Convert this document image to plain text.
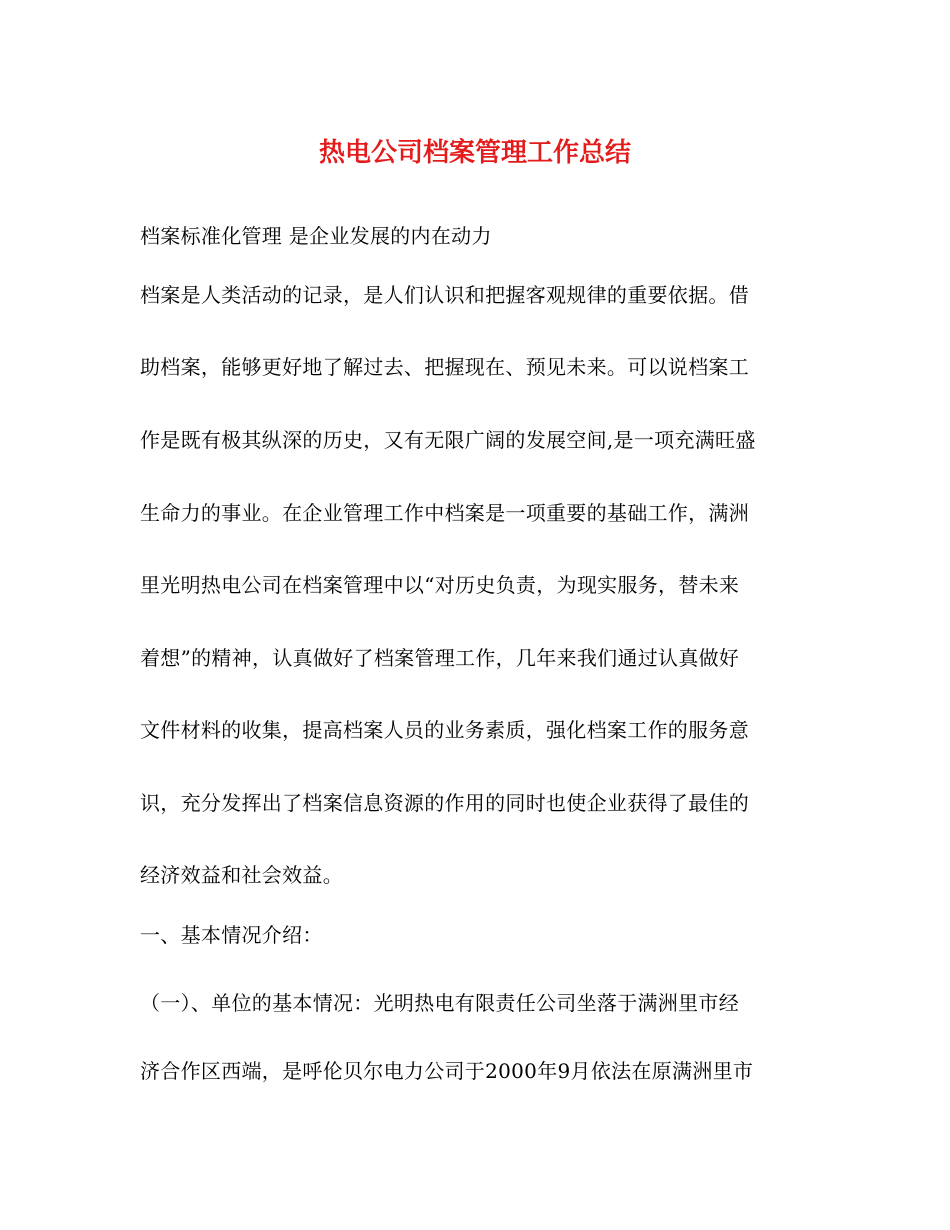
热电公司档案管理工作总结
档案标准化管理 是企业发展的内在动力
档案是人类活动的记录，是人们认识和把握客观规律的重要依据。借
助档案，能够更好地了解过去、把握现在、预见未来。可以说档案工
作是既有极其纵深的历史，又有无限广阔的发展空间,是一项充满旺盛
生命力的事业。在企业管理工作中档案是一项重要的基础工作，满洲
里光明热电公司在档案管理中以“对历史负责，为现实服务，替未来
着想”的精神，认真做好了档案管理工作，几年来我们通过认真做好
文件材料的收集，提高档案人员的业务素质，强化档案工作的服务意
识，充分发挥出了档案信息资源的作用的同时也使企业获得了最佳的
经济效益和社会效益。
一、基本情况介绍：
（一）、单位的基本情况：光明热电有限责任公司坐落于满洲里市经
济合作区西端，是呼伦贝尔电力公司于2000年9月依法在原满洲里市
